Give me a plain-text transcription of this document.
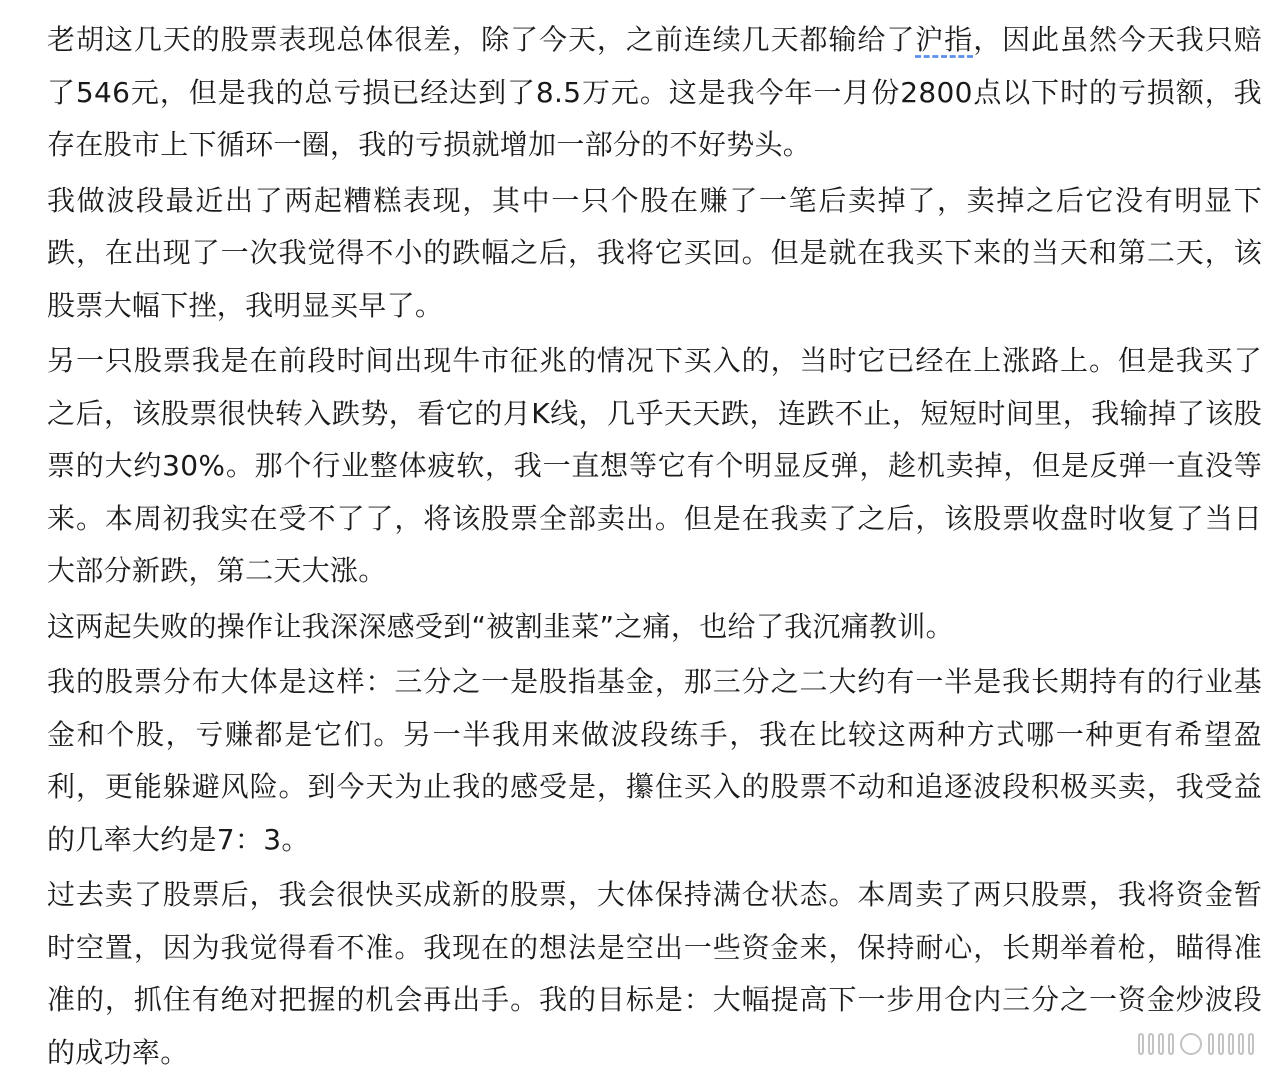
老胡这几天的股票表现总体很差，除了今天，之前连续几天都输给了沪指，因此虽然今天我只赔了546元，但是我的总亏损已经达到了8.5万元。这是我今年一月份2800点以下时的亏损额，我存在股市上下循环一圈，我的亏损就增加一部分的不好势头。

我做波段最近出了两起糟糕表现，其中一只个股在赚了一笔后卖掉了，卖掉之后它没有明显下跌，在出现了一次我觉得不小的跌幅之后，我将它买回。但是就在我买下来的当天和第二天，该股票大幅下挫，我明显买早了。

另一只股票我是在前段时间出现牛市征兆的情况下买入的，当时它已经在上涨路上。但是我买了之后，该股票很快转入跌势，看它的月K线，几乎天天跌，连跌不止，短短时间里，我输掉了该股票的大约30%。那个行业整体疲软，我一直想等它有个明显反弹，趁机卖掉，但是反弹一直没等来。本周初我实在受不了了，将该股票全部卖出。但是在我卖了之后，该股票收盘时收复了当日大部分新跌，第二天大涨。

这两起失败的操作让我深深感受到“被割韭菜”之痛，也给了我沉痛教训。

我的股票分布大体是这样：三分之一是股指基金，那三分之二大约有一半是我长期持有的行业基金和个股，亏赚都是它们。另一半我用来做波段练手，我在比较这两种方式哪一种更有希望盈利，更能躲避风险。到今天为止我的感受是，攥住买入的股票不动和追逐波段积极买卖，我受益的几率大约是7：3。

过去卖了股票后，我会很快买成新的股票，大体保持满仓状态。本周卖了两只股票，我将资金暂时空置，因为我觉得看不准。我现在的想法是空出一些资金来，保持耐心，长期举着枪，瞄得准准的，抓住有绝对把握的机会再出手。我的目标是：大幅提高下一步用仓内三分之一资金炒波段的成功率。
